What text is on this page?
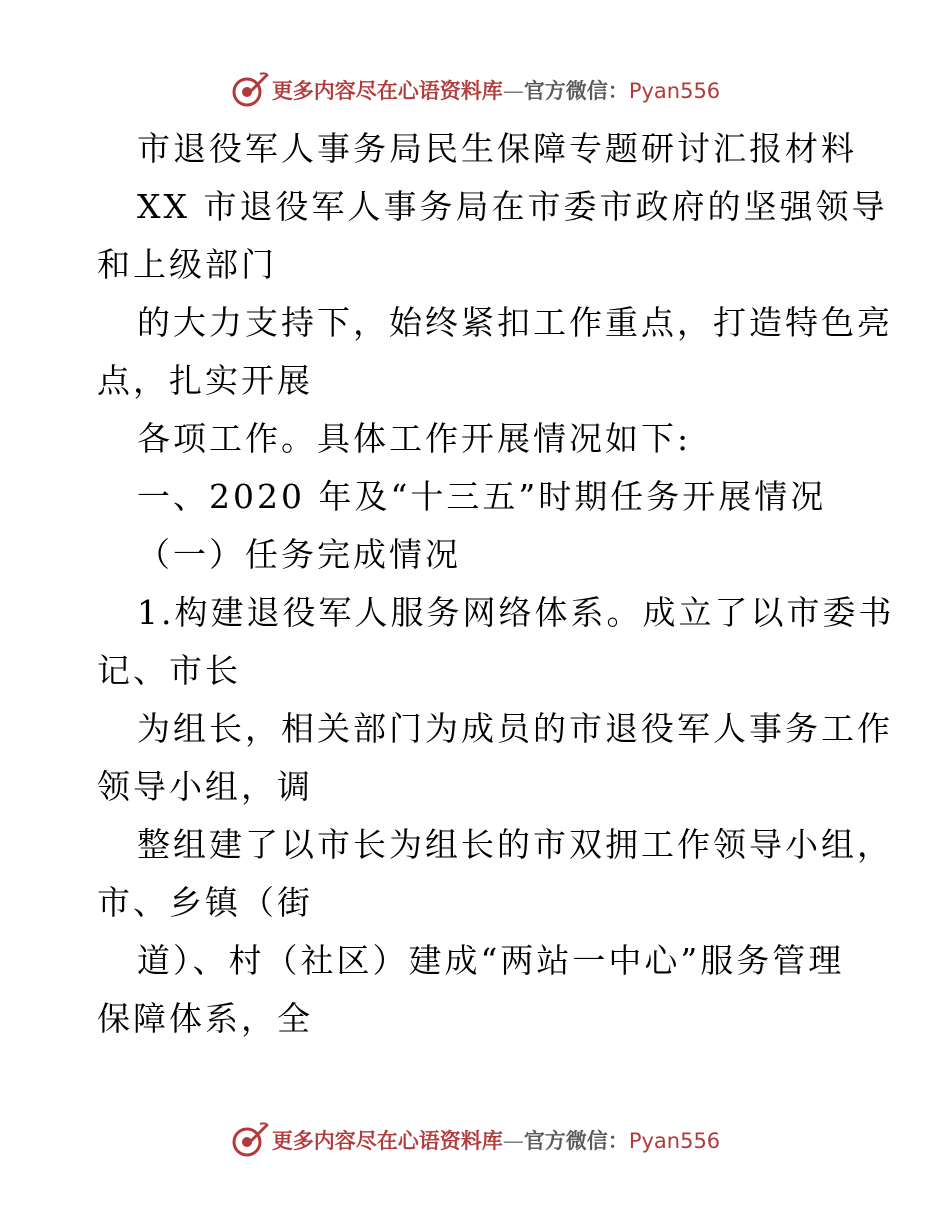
更多内容尽在心语资料库—官方微信：Pyan556
市退役军人事务局民生保障专题研讨汇报材料
XX 市退役军人事务局在市委市政府的坚强领导
和上级部门
的大力支持下，始终紧扣工作重点，打造特色亮
点，扎实开展
各项工作。具体工作开展情况如下:
一、2020 年及“十三五”时期任务开展情况
（一）任务完成情况
1.构建退役军人服务网络体系。成立了以市委书
记、市长
为组长，相关部门为成员的市退役军人事务工作
领导小组，调
整组建了以市长为组长的市双拥工作领导小组，
市、乡镇（街
道）、村（社区）建成“两站一中心”服务管理
保障体系，全
更多内容尽在心语资料库—官方微信：Pyan556
